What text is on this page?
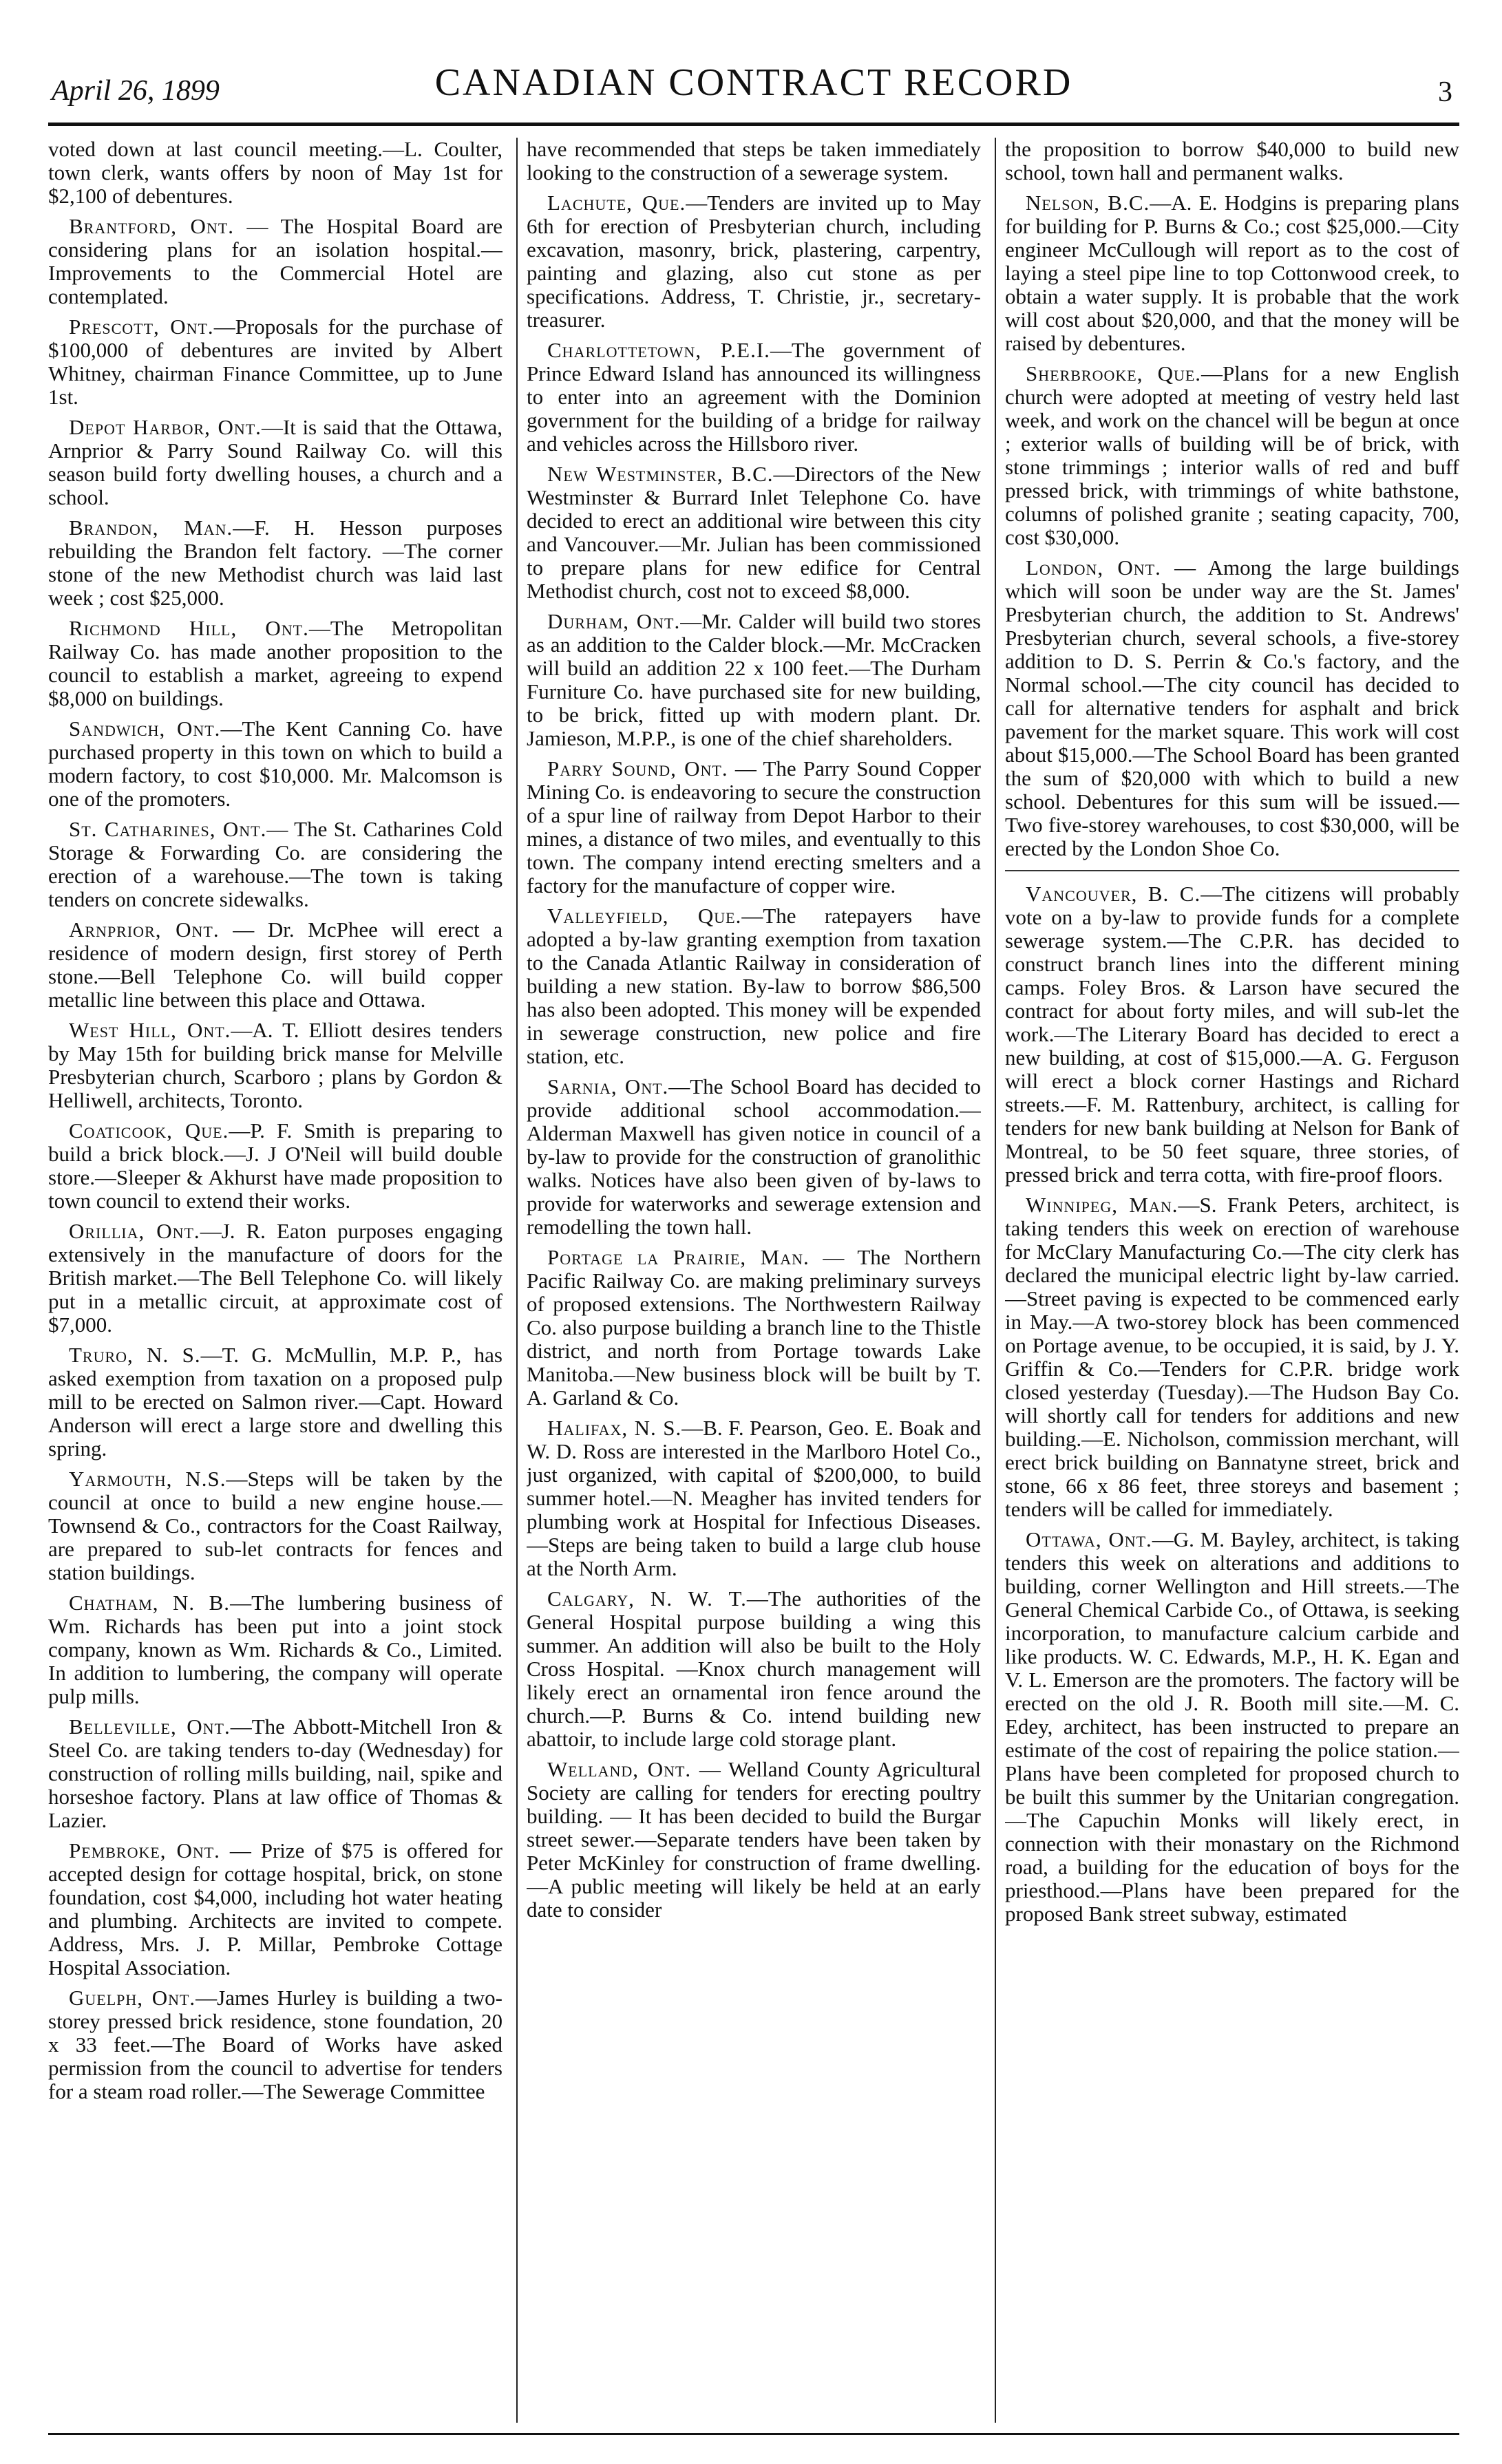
April 26, 1899	CANADIAN CONTRACT RECORD	3

voted down at last council meeting.—L. Coulter, town clerk, wants offers by noon of May 1st for $2,100 of debentures.

Brantford, Ont. — The Hospital Board are considering plans for an isolation hospital.—Improvements to the Commercial Hotel are contemplated.

Prescott, Ont.—Proposals for the purchase of $100,000 of debentures are invited by Albert Whitney, chairman Finance Committee, up to June 1st.

Depot Harbor, Ont.—It is said that the Ottawa, Arnprior & Parry Sound Railway Co. will this season build forty dwelling houses, a church and a school.

Brandon, Man.—F. H. Hesson purposes rebuilding the Brandon felt factory. —The corner stone of the new Methodist church was laid last week ; cost $25,000.

Richmond Hill, Ont.—The Metropolitan Railway Co. has made another proposition to the council to establish a market, agreeing to expend $8,000 on buildings.

Sandwich, Ont.—The Kent Canning Co. have purchased property in this town on which to build a modern factory, to cost $10,000. Mr. Malcomson is one of the promoters.

St. Catharines, Ont.— The St. Catharines Cold Storage & Forwarding Co. are considering the erection of a warehouse.—The town is taking tenders on concrete sidewalks.

Arnprior, Ont. — Dr. McPhee will erect a residence of modern design, first storey of Perth stone.—Bell Telephone Co. will build copper metallic line between this place and Ottawa.

West Hill, Ont.—A. T. Elliott desires tenders by May 15th for building brick manse for Melville Presbyterian church, Scarboro ; plans by Gordon & Helliwell, architects, Toronto.

Coaticook, Que.—P. F. Smith is preparing to build a brick block.—J. J O'Neil will build double store.—Sleeper & Akhurst have made proposition to town council to extend their works.

Orillia, Ont.—J. R. Eaton purposes engaging extensively in the manufacture of doors for the British market.—The Bell Telephone Co. will likely put in a metallic circuit, at approximate cost of $7,000.

Truro, N. S.—T. G. McMullin, M.P. P., has asked exemption from taxation on a proposed pulp mill to be erected on Salmon river.—Capt. Howard Anderson will erect a large store and dwelling this spring.

Yarmouth, N.S.—Steps will be taken by the council at once to build a new engine house.—Townsend & Co., contractors for the Coast Railway, are prepared to sub-let contracts for fences and station buildings.

Chatham, N. B.—The lumbering business of Wm. Richards has been put into a joint stock company, known as Wm. Richards & Co., Limited. In addition to lumbering, the company will operate pulp mills.

Belleville, Ont.—The Abbott-Mitchell Iron & Steel Co. are taking tenders to-day (Wednesday) for construction of rolling mills building, nail, spike and horseshoe factory. Plans at law office of Thomas & Lazier.

Pembroke, Ont. — Prize of $75 is offered for accepted design for cottage hospital, brick, on stone foundation, cost $4,000, including hot water heating and plumbing. Architects are invited to compete. Address, Mrs. J. P. Millar, Pembroke Cottage Hospital Association.

Guelph, Ont.—James Hurley is building a two-storey pressed brick residence, stone foundation, 20 x 33 feet.—The Board of Works have asked permission from the council to advertise for tenders for a steam road roller.—The Sewerage Committee

have recommended that steps be taken immediately looking to the construction of a sewerage system.

Lachute, Que.—Tenders are invited up to May 6th for erection of Presbyterian church, including excavation, masonry, brick, plastering, carpentry, painting and glazing, also cut stone as per specifications. Address, T. Christie, jr., secretary-treasurer.

Charlottetown, P.E.I.—The government of Prince Edward Island has announced its willingness to enter into an agreement with the Dominion government for the building of a bridge for railway and vehicles across the Hillsboro river.

New Westminster, B.C.—Directors of the New Westminster & Burrard Inlet Telephone Co. have decided to erect an additional wire between this city and Vancouver.—Mr. Julian has been commissioned to prepare plans for new edifice for Central Methodist church, cost not to exceed $8,000.

Durham, Ont.—Mr. Calder will build two stores as an addition to the Calder block.—Mr. McCracken will build an addition 22 x 100 feet.—The Durham Furniture Co. have purchased site for new building, to be brick, fitted up with modern plant. Dr. Jamieson, M.P.P., is one of the chief shareholders.

Parry Sound, Ont. — The Parry Sound Copper Mining Co. is endeavoring to secure the construction of a spur line of railway from Depot Harbor to their mines, a distance of two miles, and eventually to this town. The company intend erecting smelters and a factory for the manufacture of copper wire.

Valleyfield, Que.—The ratepayers have adopted a by-law granting exemption from taxation to the Canada Atlantic Railway in consideration of building a new station. By-law to borrow $86,500 has also been adopted. This money will be expended in sewerage construction, new police and fire station, etc.

Sarnia, Ont.—The School Board has decided to provide additional school accommodation.—Alderman Maxwell has given notice in council of a by-law to provide for the construction of granolithic walks. Notices have also been given of by-laws to provide for waterworks and sewerage extension and remodelling the town hall.

Portage la Prairie, Man. — The Northern Pacific Railway Co. are making preliminary surveys of proposed extensions. The Northwestern Railway Co. also purpose building a branch line to the Thistle district, and north from Portage towards Lake Manitoba.—New business block will be built by T. A. Garland & Co.

Halifax, N. S.—B. F. Pearson, Geo. E. Boak and W. D. Ross are interested in the Marlboro Hotel Co., just organized, with capital of $200,000, to build summer hotel.—N. Meagher has invited tenders for plumbing work at Hospital for Infectious Diseases.—Steps are being taken to build a large club house at the North Arm.

Calgary, N. W. T.—The authorities of the General Hospital purpose building a wing this summer. An addition will also be built to the Holy Cross Hospital. —Knox church management will likely erect an ornamental iron fence around the church.—P. Burns & Co. intend building new abattoir, to include large cold storage plant.

Welland, Ont. — Welland County Agricultural Society are calling for tenders for erecting poultry building. — It has been decided to build the Burgar street sewer.—Separate tenders have been taken by Peter McKinley for construction of frame dwelling.—A public meeting will likely be held at an early date to consider

the proposition to borrow $40,000 to build new school, town hall and permanent walks.

Nelson, B.C.—A. E. Hodgins is preparing plans for building for P. Burns & Co.; cost $25,000.—City engineer McCullough will report as to the cost of laying a steel pipe line to top Cottonwood creek, to obtain a water supply. It is probable that the work will cost about $20,000, and that the money will be raised by debentures.

Sherbrooke, Que.—Plans for a new English church were adopted at meeting of vestry held last week, and work on the chancel will be begun at once ; exterior walls of building will be of brick, with stone trimmings ; interior walls of red and buff pressed brick, with trimmings of white bathstone, columns of polished granite ; seating capacity, 700, cost $30,000.

London, Ont. — Among the large buildings which will soon be under way are the St. James' Presbyterian church, the addition to St. Andrews' Presbyterian church, several schools, a five-storey addition to D. S. Perrin & Co.'s factory, and the Normal school.—The city council has decided to call for alternative tenders for asphalt and brick pavement for the market square. This work will cost about $15,000.—The School Board has been granted the sum of $20,000 with which to build a new school. Debentures for this sum will be issued.—Two five-storey warehouses, to cost $30,000, will be erected by the London Shoe Co.

Vancouver, B. C.—The citizens will probably vote on a by-law to provide funds for a complete sewerage system.—The C.P.R. has decided to construct branch lines into the different mining camps. Foley Bros. & Larson have secured the contract for about forty miles, and will sub-let the work.—The Literary Board has decided to erect a new building, at cost of $15,000.—A. G. Ferguson will erect a block corner Hastings and Richard streets.—F. M. Rattenbury, architect, is calling for tenders for new bank building at Nelson for Bank of Montreal, to be 50 feet square, three stories, of pressed brick and terra cotta, with fire-proof floors.

Winnipeg, Man.—S. Frank Peters, architect, is taking tenders this week on erection of warehouse for McClary Manufacturing Co.—The city clerk has declared the municipal electric light by-law carried.—Street paving is expected to be commenced early in May.—A two-storey block has been commenced on Portage avenue, to be occupied, it is said, by J. Y. Griffin & Co.—Tenders for C.P.R. bridge work closed yesterday (Tuesday).—The Hudson Bay Co. will shortly call for tenders for additions and new building.—E. Nicholson, commission merchant, will erect brick building on Bannatyne street, brick and stone, 66 x 86 feet, three storeys and basement ; tenders will be called for immediately.

Ottawa, Ont.—G. M. Bayley, architect, is taking tenders this week on alterations and additions to building, corner Wellington and Hill streets.—The General Chemical Carbide Co., of Ottawa, is seeking incorporation, to manufacture calcium carbide and like products. W. C. Edwards, M.P., H. K. Egan and V. L. Emerson are the promoters. The factory will be erected on the old J. R. Booth mill site.—M. C. Edey, architect, has been instructed to prepare an estimate of the cost of repairing the police station.—Plans have been completed for proposed church to be built this summer by the Unitarian congregation.—The Capuchin Monks will likely erect, in connection with their monastary on the Richmond road, a building for the education of boys for the priesthood.—Plans have been prepared for the proposed Bank street subway, estimated
